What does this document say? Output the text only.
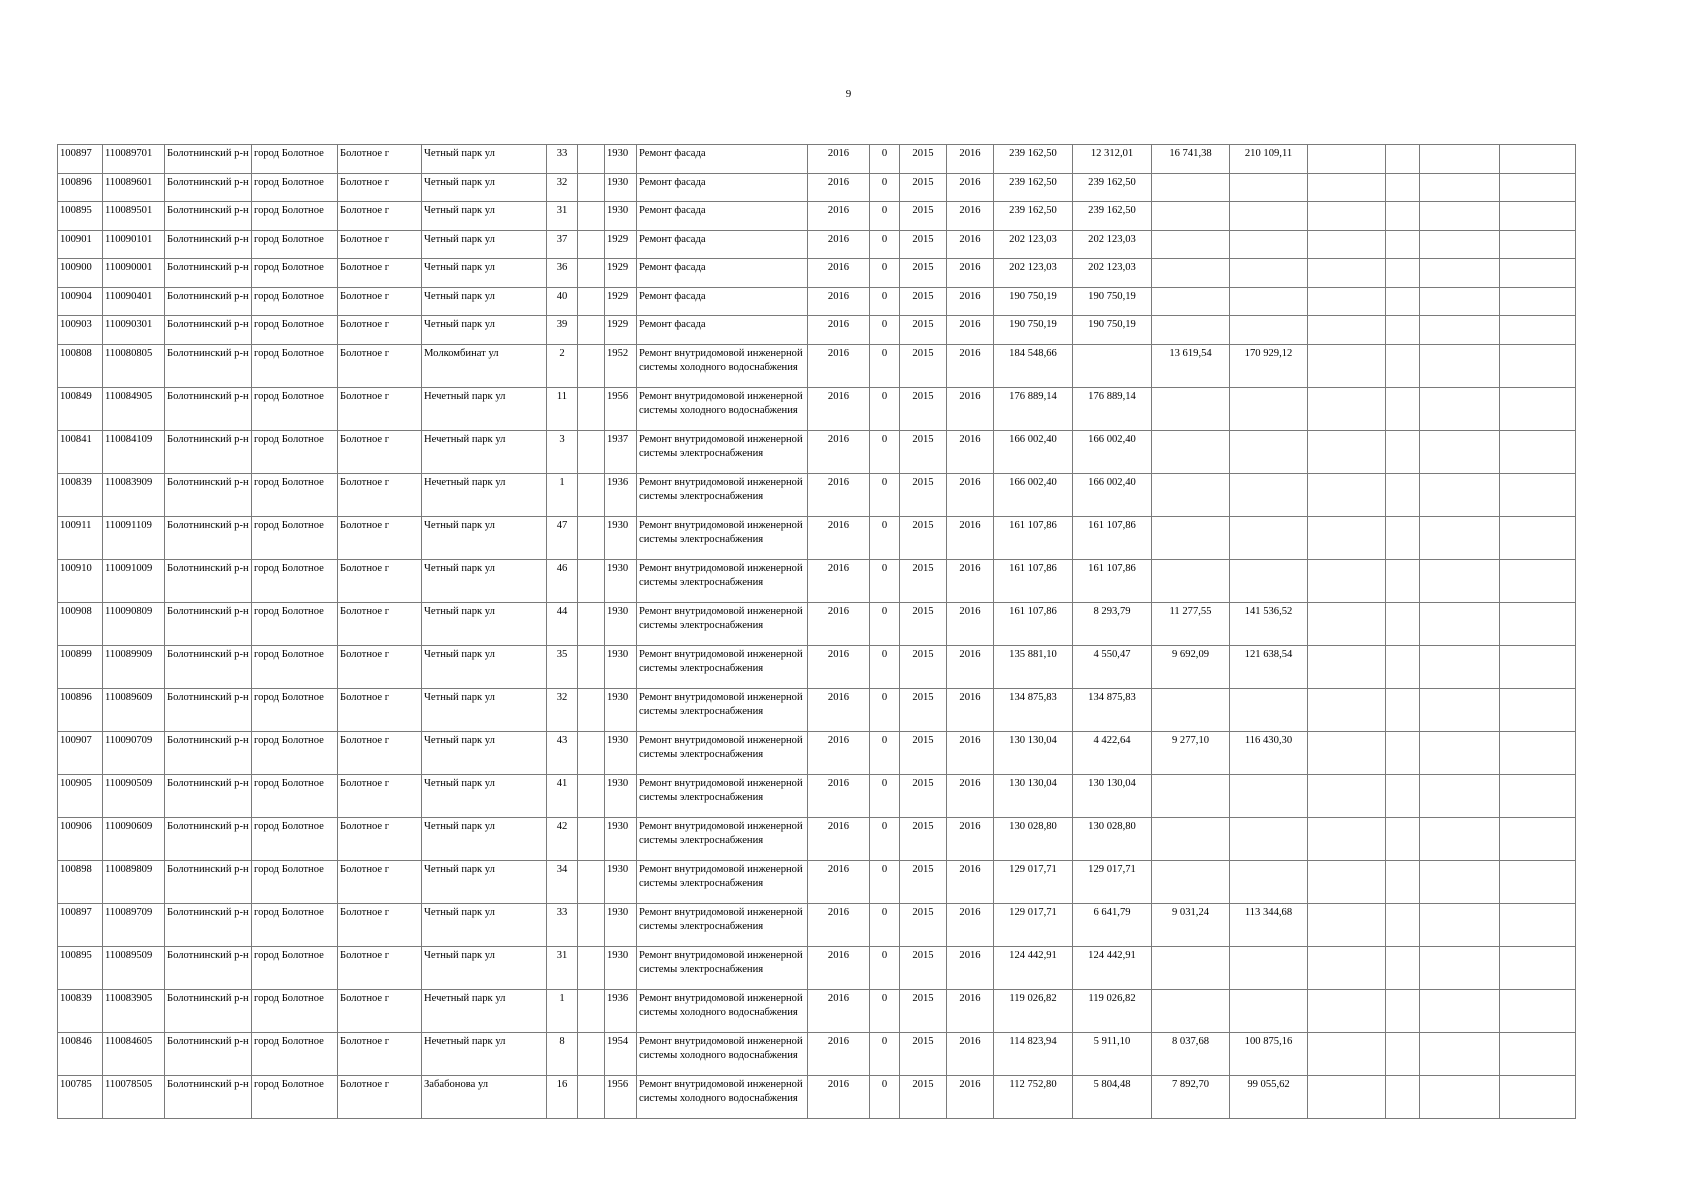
9
100897	110089701	Болотнинский р-н	город Болотное	Болотное г	Четный парк ул	33		1930	Ремонт фасада	2016	0	2015	2016	239 162,50	12 312,01	16 741,38	210 109,11				
100896	110089601	Болотнинский р-н	город Болотное	Болотное г	Четный парк ул	32		1930	Ремонт фасада	2016	0	2015	2016	239 162,50	239 162,50						
100895	110089501	Болотнинский р-н	город Болотное	Болотное г	Четный парк ул	31		1930	Ремонт фасада	2016	0	2015	2016	239 162,50	239 162,50						
100901	110090101	Болотнинский р-н	город Болотное	Болотное г	Четный парк ул	37		1929	Ремонт фасада	2016	0	2015	2016	202 123,03	202 123,03						
100900	110090001	Болотнинский р-н	город Болотное	Болотное г	Четный парк ул	36		1929	Ремонт фасада	2016	0	2015	2016	202 123,03	202 123,03						
100904	110090401	Болотнинский р-н	город Болотное	Болотное г	Четный парк ул	40		1929	Ремонт фасада	2016	0	2015	2016	190 750,19	190 750,19						
100903	110090301	Болотнинский р-н	город Болотное	Болотное г	Четный парк ул	39		1929	Ремонт фасада	2016	0	2015	2016	190 750,19	190 750,19						
100808	110080805	Болотнинский р-н	город Болотное	Болотное г	Молкомбинат ул	2		1952	Ремонт внутридомовой инженерной системы холодного водоснабжения	2016	0	2015	2016	184 548,66		13 619,54	170 929,12				
100849	110084905	Болотнинский р-н	город Болотное	Болотное г	Нечетный парк ул	11		1956	Ремонт внутридомовой инженерной системы холодного водоснабжения	2016	0	2015	2016	176 889,14	176 889,14						
100841	110084109	Болотнинский р-н	город Болотное	Болотное г	Нечетный парк ул	3		1937	Ремонт внутридомовой инженерной системы электроснабжения	2016	0	2015	2016	166 002,40	166 002,40						
100839	110083909	Болотнинский р-н	город Болотное	Болотное г	Нечетный парк ул	1		1936	Ремонт внутридомовой инженерной системы электроснабжения	2016	0	2015	2016	166 002,40	166 002,40						
100911	110091109	Болотнинский р-н	город Болотное	Болотное г	Четный парк ул	47		1930	Ремонт внутридомовой инженерной системы электроснабжения	2016	0	2015	2016	161 107,86	161 107,86						
100910	110091009	Болотнинский р-н	город Болотное	Болотное г	Четный парк ул	46		1930	Ремонт внутридомовой инженерной системы электроснабжения	2016	0	2015	2016	161 107,86	161 107,86						
100908	110090809	Болотнинский р-н	город Болотное	Болотное г	Четный парк ул	44		1930	Ремонт внутридомовой инженерной системы электроснабжения	2016	0	2015	2016	161 107,86	8 293,79	11 277,55	141 536,52				
100899	110089909	Болотнинский р-н	город Болотное	Болотное г	Четный парк ул	35		1930	Ремонт внутридомовой инженерной системы электроснабжения	2016	0	2015	2016	135 881,10	4 550,47	9 692,09	121 638,54				
100896	110089609	Болотнинский р-н	город Болотное	Болотное г	Четный парк ул	32		1930	Ремонт внутридомовой инженерной системы электроснабжения	2016	0	2015	2016	134 875,83	134 875,83						
100907	110090709	Болотнинский р-н	город Болотное	Болотное г	Четный парк ул	43		1930	Ремонт внутридомовой инженерной системы электроснабжения	2016	0	2015	2016	130 130,04	4 422,64	9 277,10	116 430,30				
100905	110090509	Болотнинский р-н	город Болотное	Болотное г	Четный парк ул	41		1930	Ремонт внутридомовой инженерной системы электроснабжения	2016	0	2015	2016	130 130,04	130 130,04						
100906	110090609	Болотнинский р-н	город Болотное	Болотное г	Четный парк ул	42		1930	Ремонт внутридомовой инженерной системы электроснабжения	2016	0	2015	2016	130 028,80	130 028,80						
100898	110089809	Болотнинский р-н	город Болотное	Болотное г	Четный парк ул	34		1930	Ремонт внутридомовой инженерной системы электроснабжения	2016	0	2015	2016	129 017,71	129 017,71						
100897	110089709	Болотнинский р-н	город Болотное	Болотное г	Четный парк ул	33		1930	Ремонт внутридомовой инженерной системы электроснабжения	2016	0	2015	2016	129 017,71	6 641,79	9 031,24	113 344,68				
100895	110089509	Болотнинский р-н	город Болотное	Болотное г	Четный парк ул	31		1930	Ремонт внутридомовой инженерной системы электроснабжения	2016	0	2015	2016	124 442,91	124 442,91						
100839	110083905	Болотнинский р-н	город Болотное	Болотное г	Нечетный парк ул	1		1936	Ремонт внутридомовой инженерной системы холодного водоснабжения	2016	0	2015	2016	119 026,82	119 026,82						
100846	110084605	Болотнинский р-н	город Болотное	Болотное г	Нечетный парк ул	8		1954	Ремонт внутридомовой инженерной системы холодного водоснабжения	2016	0	2015	2016	114 823,94	5 911,10	8 037,68	100 875,16				
100785	110078505	Болотнинский р-н	город Болотное	Болотное г	Забабонова ул	16		1956	Ремонт внутридомовой инженерной системы холодного водоснабжения	2016	0	2015	2016	112 752,80	5 804,48	7 892,70	99 055,62				
